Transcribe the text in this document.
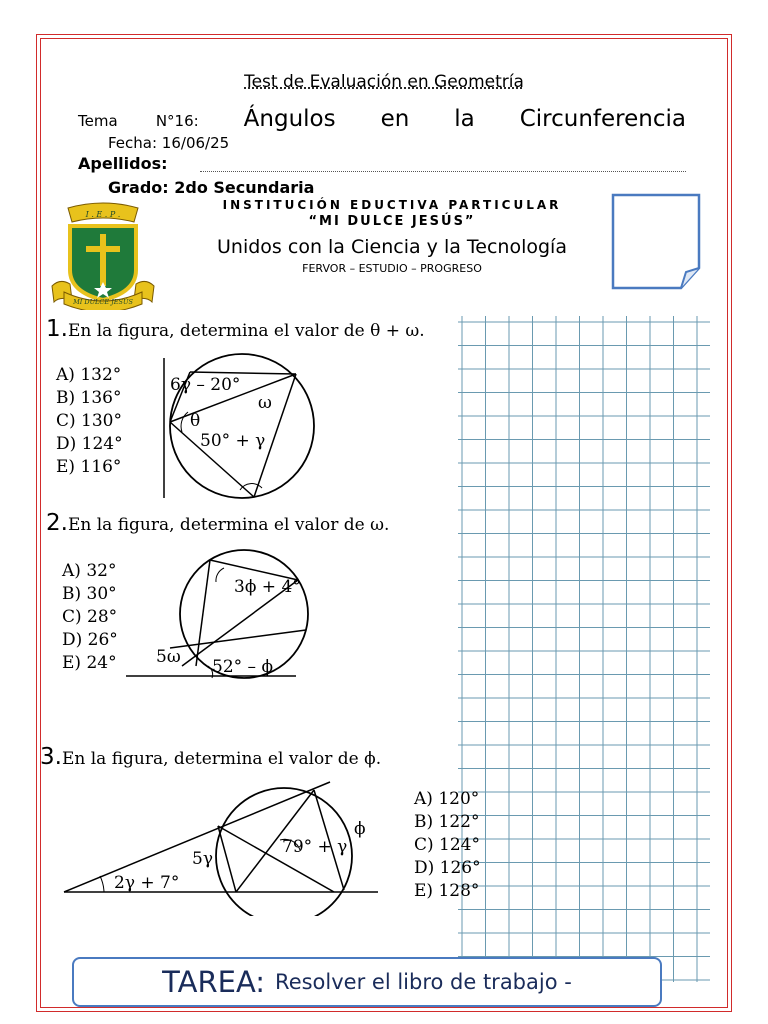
Test de Evaluación en Geometría
Tema	N°16: Ángulos en la Circunferencia
Fecha: 16/06/25
Apellidos:
Grado: 2do Secundaria
INSTITUCIÓN EDUCTIVA PARTICULAR
“MI DULCE JESÚS”
Unidos con la Ciencia y la Tecnología
FERVOR – ESTUDIO – PROGRESO
I . E . P .
MI DULCE JESÚS
1.En la figura, determina el valor de θ + ω.
A) 132°
B) 136°
C) 130°
D) 124°
E) 116°
6γ – 20°
ω
θ
50° + γ
2.En la figura, determina el valor de ω.
A) 32°
B) 30°
C) 28°
D) 26°
E) 24°
3ϕ + 4°
5ω 52° – ϕ
3.En la figura, determina el valor de ϕ.
A) 120°
B) 122°
C) 124°
D) 126°
E) 128°
ϕ
79° + γ
5γ
2γ + 7°
TAREA: Resolver el libro de trabajo -
